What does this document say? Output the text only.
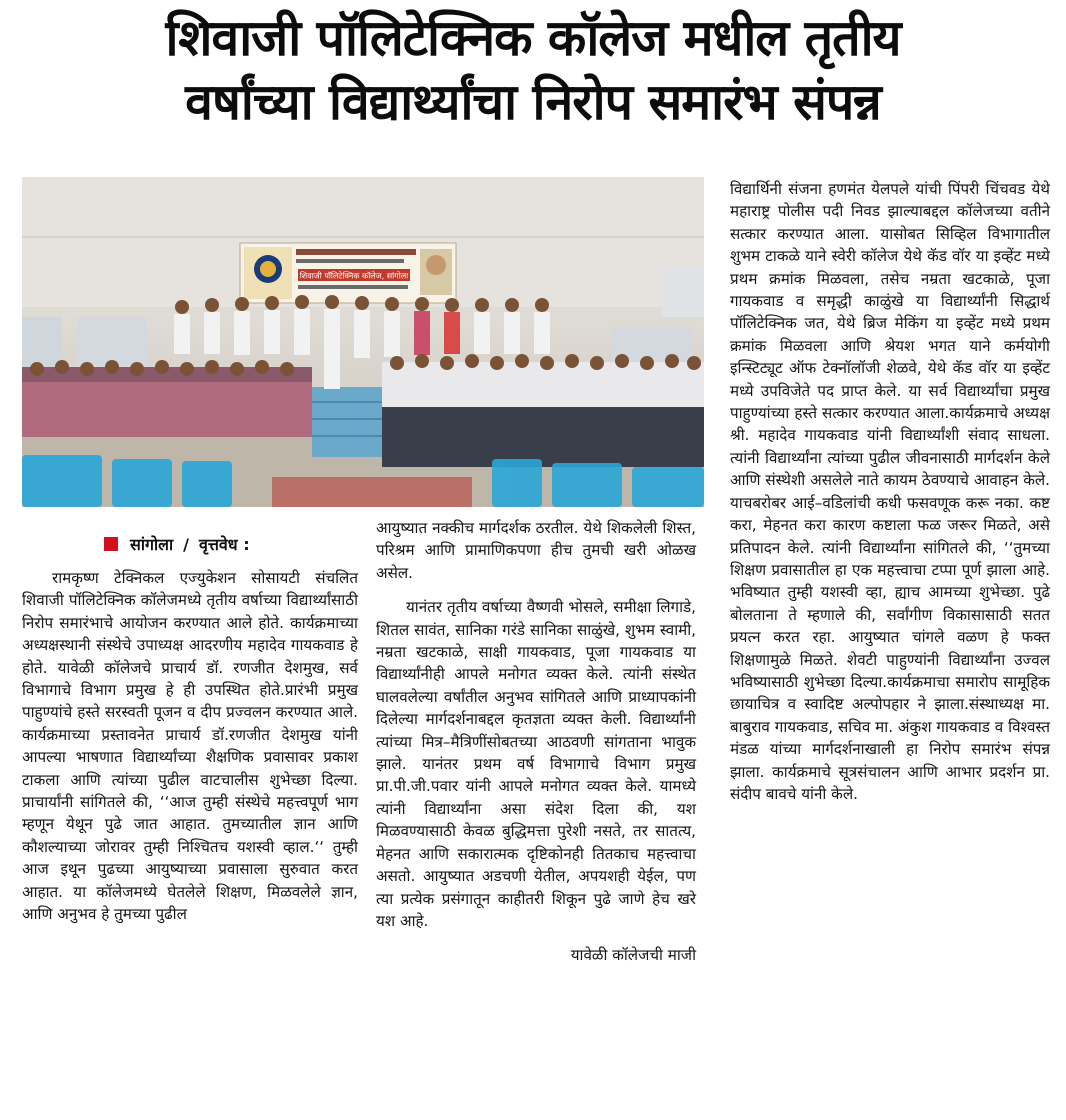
शिवाजी पॉलिटेक्निक कॉलेज मधील तृतीय
वर्षांच्या विद्यार्थ्यांचा निरोप समारंभ संपन्न
शिवाजी पॉलिटेक्निक कॉलेज, सांगोला
सांगोला / वृत्तवेध :

रामकृष्ण टेक्निकल एज्युकेशन सोसायटी संचलित शिवाजी पॉलिटेक्निक कॉलेजमध्ये तृतीय वर्षाच्या विद्यार्थ्यांसाठी निरोप समारंभाचे आयोजन करण्यात आले होते. कार्यक्रमाच्या अध्यक्षस्थानी संस्थेचे उपाध्यक्ष आदरणीय महादेव गायकवाड हे होते. यावेळी कॉलेजचे प्राचार्य डॉ. रणजीत देशमुख, सर्व विभागाचे विभाग प्रमुख हे ही उपस्थित होते.प्रारंभी प्रमुख पाहुण्यांचे हस्ते सरस्वती पूजन व दीप प्रज्वलन करण्यात आले. कार्यक्रमाच्या प्रस्तावनेत प्राचार्य डॉ.रणजीत देशमुख यांनी आपल्या भाषणात विद्यार्थ्यांच्या शैक्षणिक प्रवासावर प्रकाश टाकला आणि त्यांच्या पुढील वाटचालीस शुभेच्छा दिल्या. प्राचार्यांनी सांगितले की, ‘‘आज तुम्ही संस्थेचे महत्त्वपूर्ण भाग म्हणून येथून पुढे जात आहात. तुमच्यातील ज्ञान आणि कौशल्याच्या जोरावर तुम्ही निश्चितच यशस्वी व्हाल.‘‘ तुम्ही आज इथून पुढच्या आयुष्याच्या प्रवासाला सुरुवात करत आहात. या कॉलेजमध्ये घेतलेले शिक्षण, मिळवलेले ज्ञान, आणि अनुभव हे तुमच्या पुढील

आयुष्यात नक्कीच मार्गदर्शक ठरतील. येथे शिकलेली शिस्त, परिश्रम आणि प्रामाणिकपणा हीच तुमची खरी ओळख असेल.

यानंतर तृतीय वर्षाच्या वैष्णवी भोसले, समीक्षा लिगाडे, शितल सावंत, सानिका गरंडे सानिका साळुंखे, शुभम स्वामी, नम्रता खटकाळे, साक्षी गायकवाड, पूजा गायकवाड या विद्यार्थ्यांनीही आपले मनोगत व्यक्त केले. त्यांनी संस्थेत घालवलेल्या वर्षांतील अनुभव सांगितले आणि प्राध्यापकांनी दिलेल्या मार्गदर्शनाबद्दल कृतज्ञता व्यक्त केली. विद्यार्थ्यांनी त्यांच्या मित्र–मैत्रिणींसोबतच्या आठवणी सांगताना भावुक झाले. यानंतर प्रथम वर्ष विभागाचे विभाग प्रमुख प्रा.पी.जी.पवार यांनी आपले मनोगत व्यक्त केले. यामध्ये त्यांनी विद्यार्थ्यांना असा संदेश दिला की, यश मिळवण्यासाठी केवळ बुद्धिमत्ता पुरेशी नसते, तर सातत्य, मेहनत आणि सकारात्मक दृष्टिकोनही तितकाच महत्त्वाचा असतो. आयुष्यात अडचणी येतील, अपयशही येईल, पण त्या प्रत्येक प्रसंगातून काहीतरी शिकून पुढे जाणे हेच खरे यश आहे.

यावेळी कॉलेजची माजी

विद्यार्थिनी संजना हणमंत येलपले यांची पिंपरी चिंचवड येथे महाराष्ट्र पोलीस पदी निवड झाल्याबद्दल कॉलेजच्या वतीने सत्कार करण्यात आला. यासोबत सिव्हिल विभागातील शुभम टाकळे याने स्वेरी कॉलेज येथे कॅड वॉर या इव्हेंट मध्ये प्रथम क्रमांक मिळवला, तसेच नम्रता खटकाळे, पूजा गायकवाड व समृद्धी काळुंखे या विद्यार्थ्यांनी सिद्धार्थ पॉलिटेक्निक जत, येथे ब्रिज मेकिंग या इव्हेंट मध्ये प्रथम क्रमांक मिळवला आणि श्रेयश भगत याने कर्मयोगी इन्स्टिट्यूट ऑफ टेक्नॉलॉजी शेळवे, येथे कॅड वॉर या इव्हेंट मध्ये उपविजेते पद प्राप्त केले. या सर्व विद्यार्थ्यांचा प्रमुख पाहुण्यांच्या हस्ते सत्कार करण्यात आला.कार्यक्रमाचे अध्यक्ष श्री. महादेव गायकवाड यांनी विद्यार्थ्यांशी संवाद साधला. त्यांनी विद्यार्थ्यांना त्यांच्या पुढील जीवनासाठी मार्गदर्शन केले आणि संस्थेशी असलेले नाते कायम ठेवण्याचे आवाहन केले. याचबरोबर आई–वडिलांची कधी फसवणूक करू नका. कष्ट करा, मेहनत करा कारण कष्टाला फळ जरूर मिळते, असे प्रतिपादन केले. त्यांनी विद्यार्थ्यांना सांगितले की, ‘‘तुमच्या शिक्षण प्रवासातील हा एक महत्त्वाचा टप्पा पूर्ण झाला आहे. भविष्यात तुम्ही यशस्वी व्हा, ह्याच आमच्या शुभेच्छा. पुढे बोलताना ते म्हणाले की, सर्वांगीण विकासासाठी सतत प्रयत्न करत रहा. आयुष्यात चांगले वळण हे फक्त शिक्षणामुळे मिळते. शेवटी पाहुण्यांनी विद्यार्थ्यांना उज्वल भविष्यासाठी शुभेच्छा दिल्या.कार्यक्रमाचा समारोप सामूहिक छायाचित्र व स्वादिष्ट अल्पोपहार ने झाला.संस्थाध्यक्ष मा. बाबुराव गायकवाड, सचिव मा. अंकुश गायकवाड व विश्वस्त मंडळ यांच्या मार्गदर्शनाखाली हा निरोप समारंभ संपन्न झाला. कार्यक्रमाचे सूत्रसंचालन आणि आभार प्रदर्शन प्रा. संदीप बावचे यांनी केले.
